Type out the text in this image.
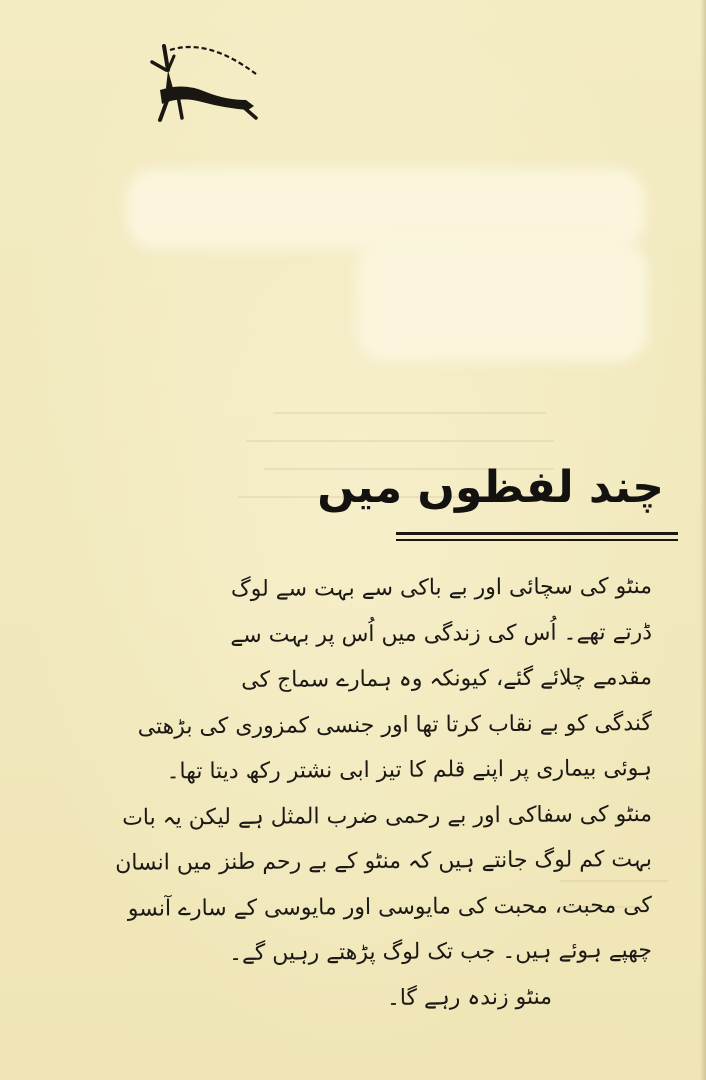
چند لفظوں میں
منٹو کی سچائی اور بے باکی سے بہت سے لوگ
ڈرتے تھے۔ اُس کی زندگی میں اُس پر بہت سے
مقدمے چلائے گئے، کیونکہ وہ ہمارے سماج کی
گندگی کو بے نقاب کرتا تھا اور جنسی کمزوری کی بڑھتی
ہوئی بیماری پر اپنے قلم کا تیز ابی نشتر رکھ دیتا تھا۔
منٹو کی سفاکی اور بے رحمی ضرب المثل ہے لیکن یہ بات
بہت کم لوگ جانتے ہیں کہ منٹو کے بے رحم طنز میں انسان
کی محبت، محبت کی مایوسی اور مایوسی کے سارے آنسو
چھپے ہوئے ہیں۔ جب تک لوگ پڑھتے رہیں گے۔
منٹو زندہ رہے گا۔
